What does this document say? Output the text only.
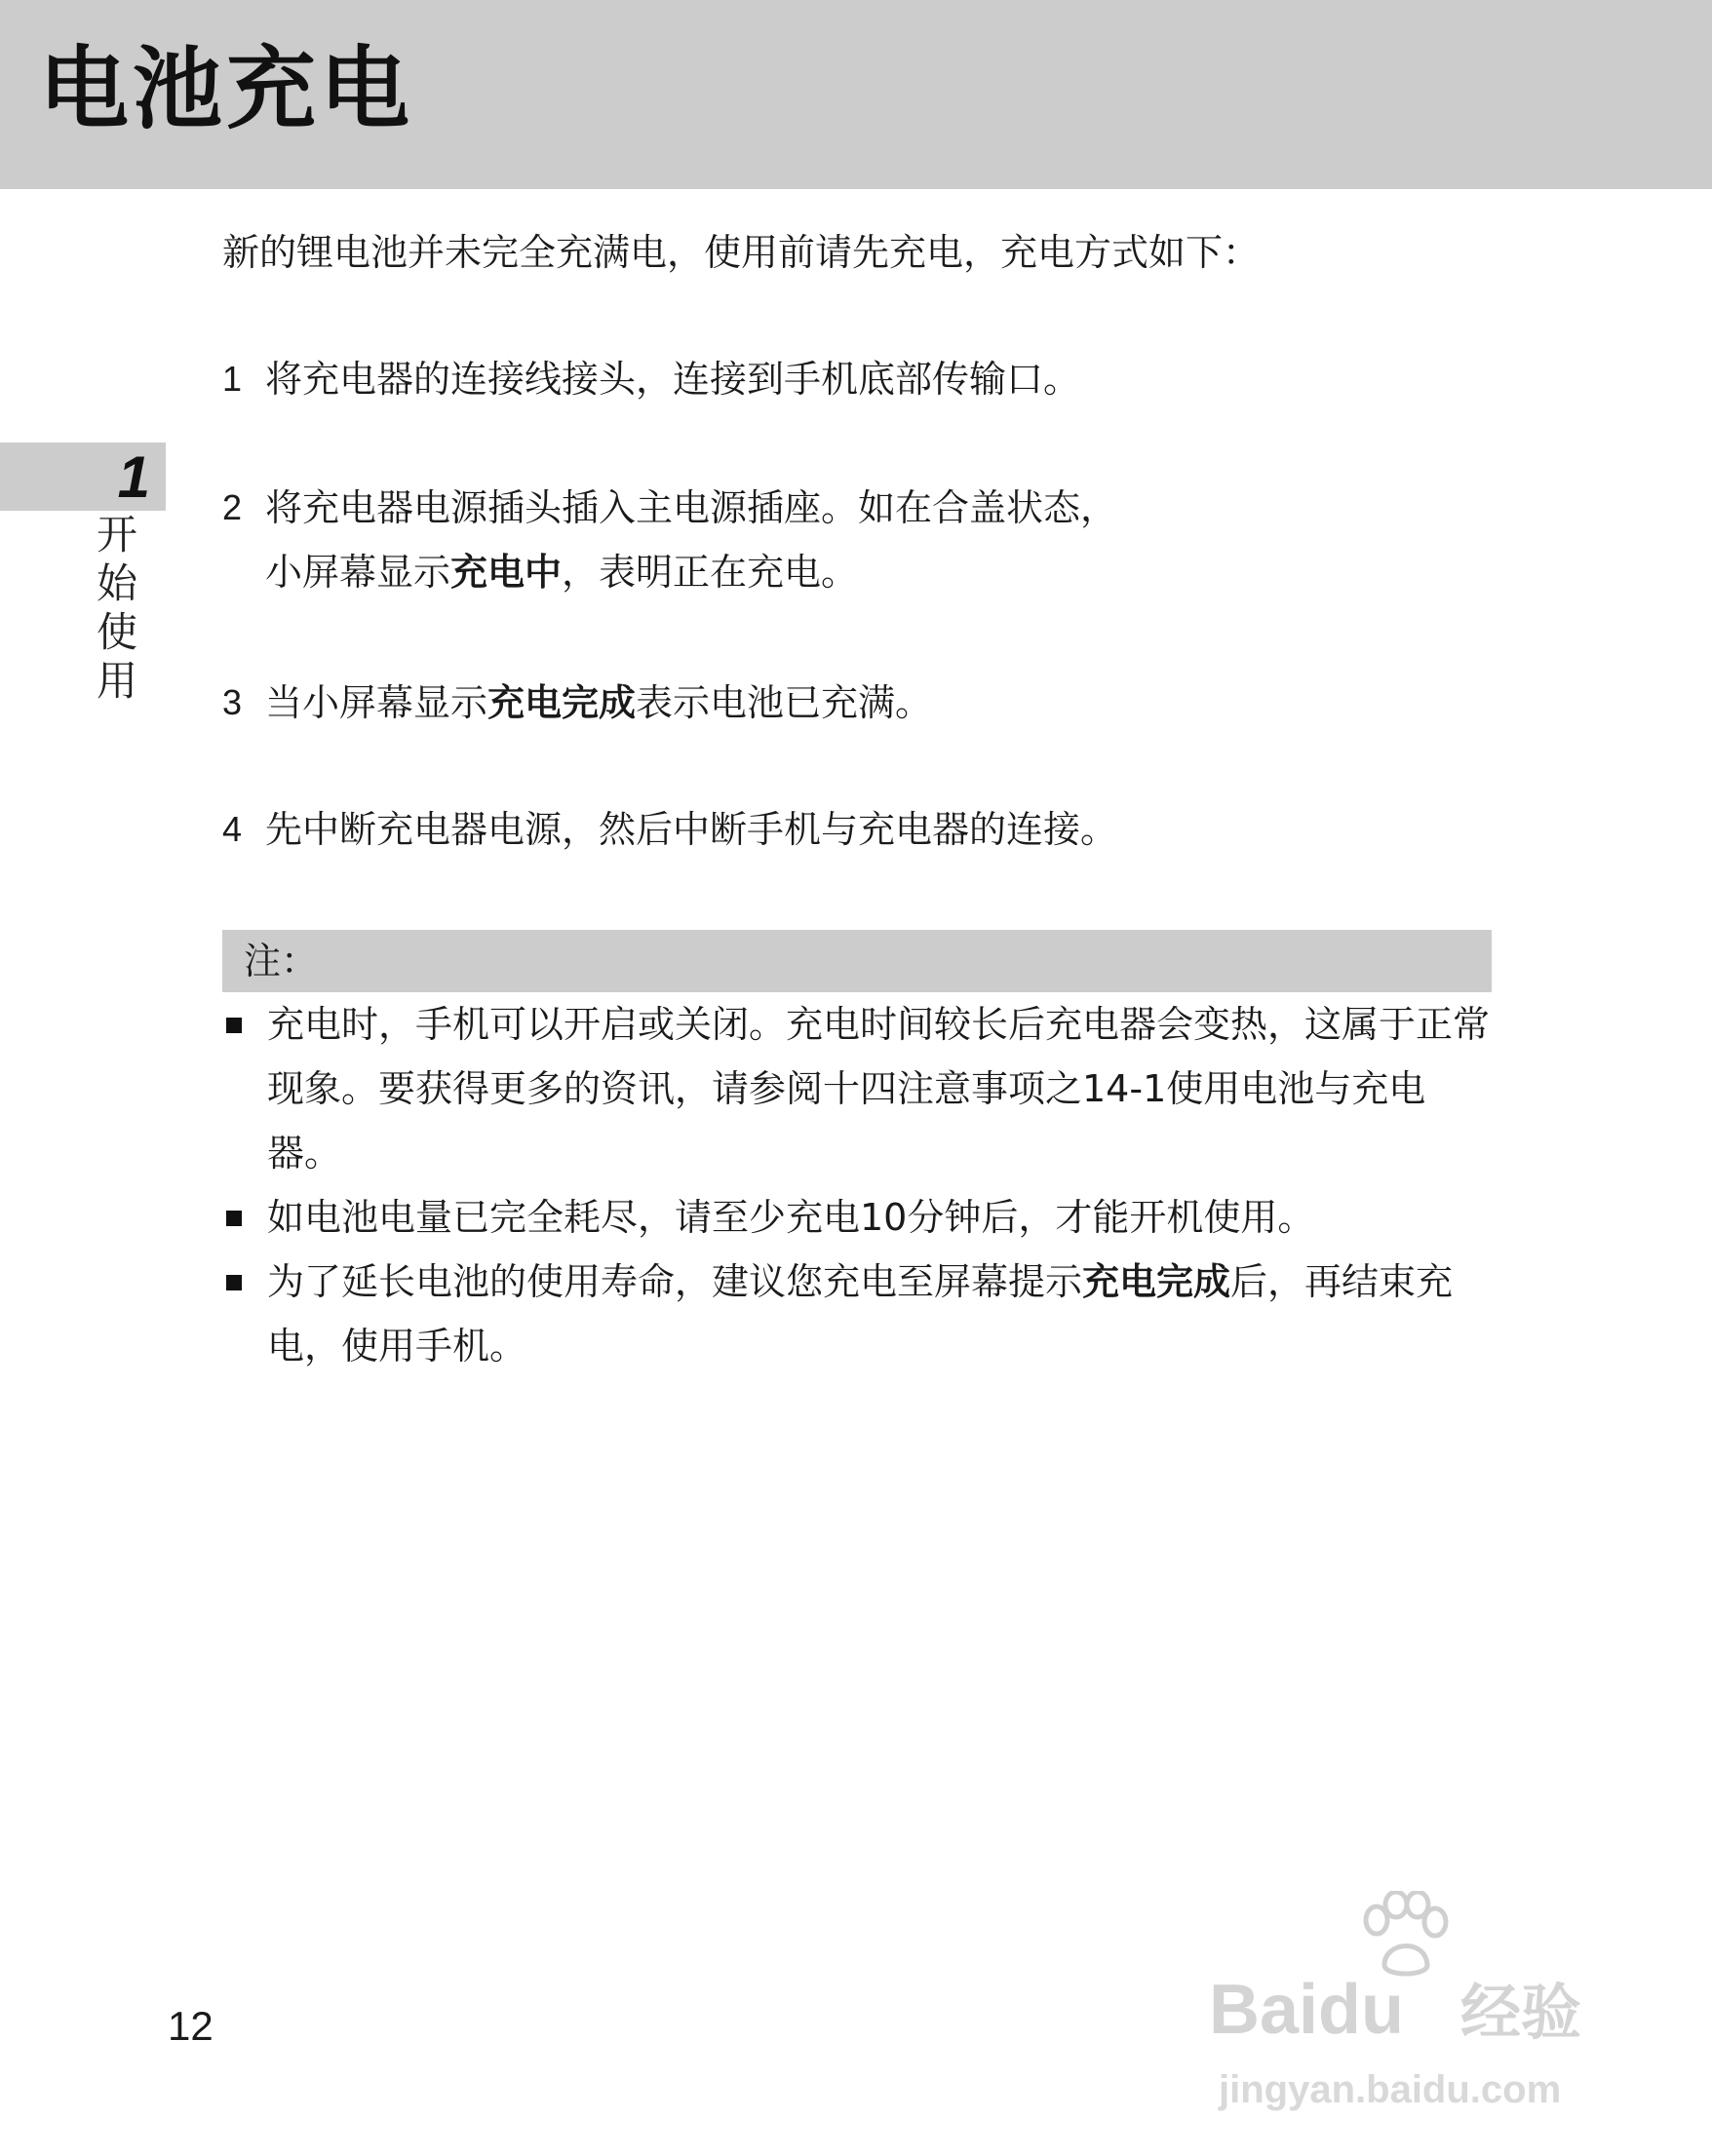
电池充电
1
开始使用
新的锂电池并未完全充满电，使用前请先充电，充电方式如下：
1 将充电器的连接线接头，连接到手机底部传输口。
2 将充电器电源插头插入主电源插座。如在合盖状态，
小屏幕显示充电中，表明正在充电。
3 当小屏幕显示充电完成表示电池已充满。
4 先中断充电器电源，然后中断手机与充电器的连接。
注：
充电时，手机可以开启或关闭。充电时间较长后充电器会变热，这属于正常现象。要获得更多的资讯，请参阅十四注意事项之14-1使用电池与充电器。
如电池电量已完全耗尽，请至少充电10分钟后，才能开机使用。
为了延长电池的使用寿命，建议您充电至屏幕提示充电完成后，再结束充电，使用手机。
12	Baidu 经验
jingyan.baidu.com
